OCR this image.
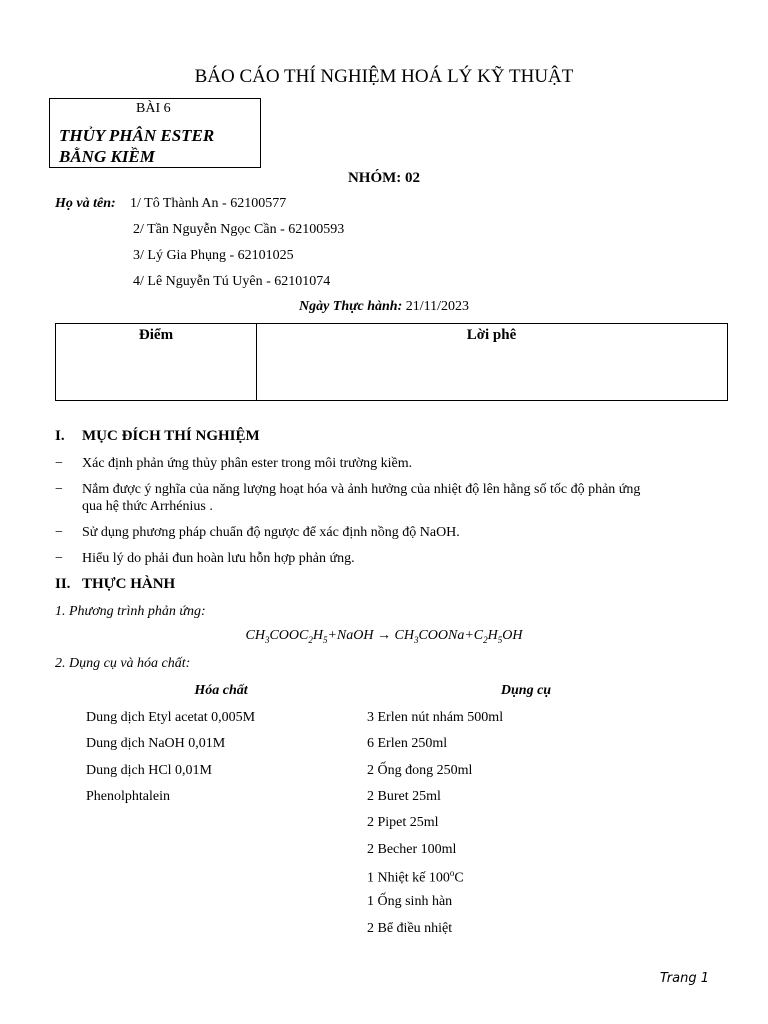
BÁO CÁO THÍ NGHIỆM HOÁ LÝ KỸ THUẬT
BÀI 6
THỦY PHÂN ESTER BẰNG KIỀM
NHÓM: 02
Họ và tên: 1/ Tô Thành An - 62100577
2/ Tần Nguyễn Ngọc Cần - 62100593
3/ Lý Gia Phụng - 62101025
4/ Lê Nguyễn Tú Uyên - 62101074
Ngày Thực hành: 21/11/2023
Điểm	Lời phê
I. MỤC ĐÍCH THÍ NGHIỆM
− Xác định phản ứng thủy phân ester trong môi trường kiềm.
− Nắm được ý nghĩa của năng lượng hoạt hóa và ảnh hưởng của nhiệt độ lên hằng số tốc độ phản ứng
qua hệ thức Arrhénius .
− Sử dụng phương pháp chuẩn độ ngược để xác định nồng độ NaOH.
− Hiểu lý do phải đun hoàn lưu hỗn hợp phản ứng.
II. THỰC HÀNH
1. Phương trình phản ứng:
$CH_3COOC_2H_5+NaOH$ → $CH_3COONa+C_2H_5OH$
2. Dụng cụ và hóa chất:
Hóa chất	Dụng cụ
Dung dịch Etyl acetat 0,005M
Dung dịch NaOH 0,01M
Dung dịch HCl 0,01M
Phenolphtalein
3 Erlen nút nhám 500ml
6 Erlen 250ml
2 Ống đong 250ml
2 Buret 25ml
2 Pipet 25ml
2 Becher 100ml
1 Nhiệt kế 100$^o$C
1 Ống sinh hàn
2 Bể điều nhiệt
Trang 1
